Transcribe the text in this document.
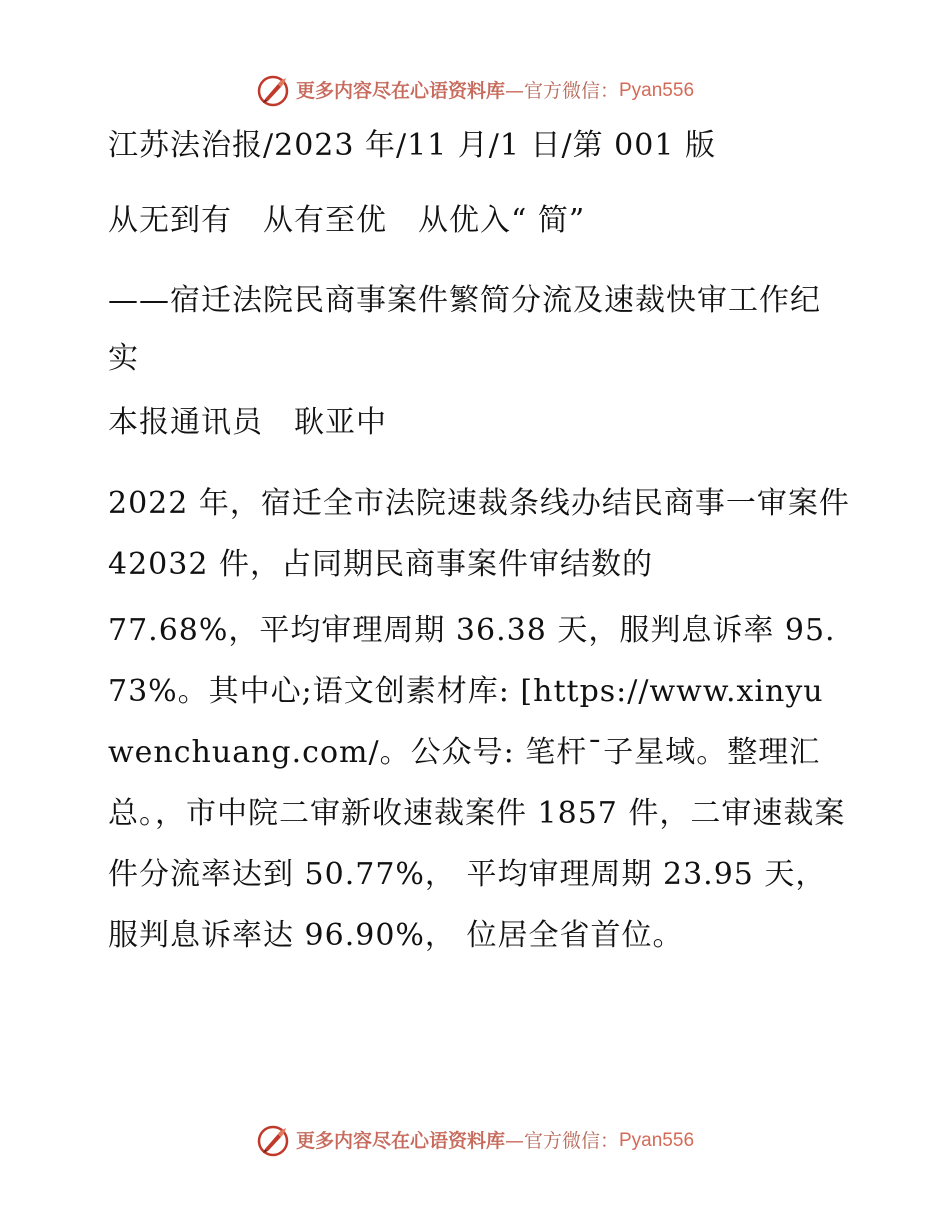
更多内容尽在心语资料库 — 官方微信： Pyan556

江苏法治报/2023 年/11 月/1 日/第 001 版

从无到有　从有至优　从优入“ 简”

——宿迁法院民商事案件繁简分流及速裁快审工作纪实

本报通讯员　耿亚中

2022 年，宿迁全市法院速裁条线办结民商事一审案件 42032 件，占同期民商事案件审结数的

77.68%，平均审理周期 36.38 天，服判息诉率 95.73%。其中心;语文创素材库: [https://www.xinyuwenchuang.com/。公众号: 笔杆¯子星域。整理汇总。，市中院二审新收速裁案件 1857 件，二审速裁案件分流率达到 50.77%， 平均审理周期 23.95 天， 服判息诉率达 96.90%， 位居全省首位。

更多内容尽在心语资料库 — 官方微信： Pyan556
